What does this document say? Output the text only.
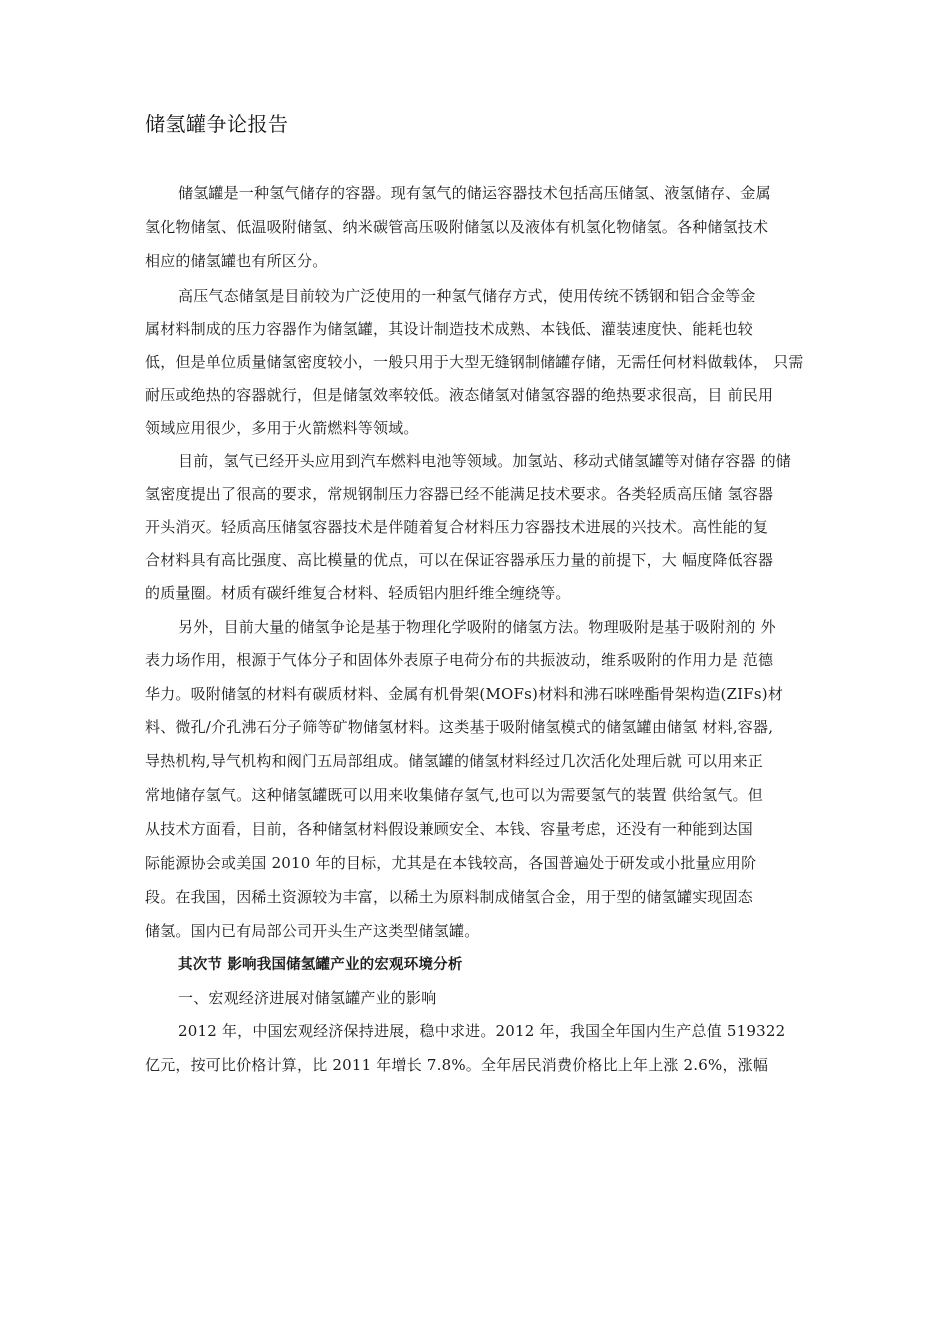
储氢罐争论报告
储氢罐是一种氢气储存的容器。现有氢气的储运容器技术包括高压储氢、液氢储存、金属
氢化物储氢、低温吸附储氢、纳米碳管高压吸附储氢以及液体有机氢化物储氢。各种储氢技术
相应的储氢罐也有所区分。
高压气态储氢是目前较为广泛使用的一种氢气储存方式，使用传统不锈钢和铝合金等金
属材料制成的压力容器作为储氢罐，其设计制造技术成熟、本钱低、灌装速度快、能耗也较
低，但是单位质量储氢密度较小，一般只用于大型无缝钢制储罐存储，无需任何材料做载体， 只需
耐压或绝热的容器就行，但是储氢效率较低。液态储氢对储氢容器的绝热要求很高，目 前民用
领域应用很少，多用于火箭燃料等领域。
目前，氢气已经开头应用到汽车燃料电池等领域。加氢站、移动式储氢罐等对储存容器 的储
氢密度提出了很高的要求，常规钢制压力容器已经不能满足技术要求。各类轻质高压储 氢容器
开头消灭。轻质高压储氢容器技术是伴随着复合材料压力容器技术进展的兴技术。高性能的复
合材料具有高比强度、高比模量的优点，可以在保证容器承压力量的前提下，大 幅度降低容器
的质量圈。材质有碳纤维复合材料、轻质铝内胆纤维全缠绕等。
另外，目前大量的储氢争论是基于物理化学吸附的储氢方法。物理吸附是基于吸附剂的 外
表力场作用，根源于气体分子和固体外表原子电荷分布的共振波动，维系吸附的作用力是 范德
华力。吸附储氢的材料有碳质材料、金属有机骨架(MOFs)材料和沸石咪唑酯骨架构造(ZIFs)材
料、微孔/介孔沸石分子筛等矿物储氢材料。这类基于吸附储氢模式的储氢罐由储氢 材料,容器,
导热机构,导气机构和阀门五局部组成。储氢罐的储氢材料经过几次活化处理后就 可以用来正
常地储存氢气。这种储氢罐既可以用来收集储存氢气,也可以为需要氢气的装置 供给氢气。但
从技术方面看，目前，各种储氢材料假设兼顾安全、本钱、容量考虑，还没有一种能到达国
际能源协会或美国 2010 年的目标，尤其是在本钱较高，各国普遍处于研发或小批量应用阶
段。在我国，因稀土资源较为丰富，以稀土为原料制成储氢合金，用于型的储氢罐实现固态
储氢。国内已有局部公司开头生产这类型储氢罐。
其次节 影响我国储氢罐产业的宏观环境分析
一、宏观经济进展对储氢罐产业的影响
2012 年，中国宏观经济保持进展，稳中求进。2012 年，我国全年国内生产总值 519322
亿元，按可比价格计算，比 2011 年增长 7.8%。全年居民消费价格比上年上涨 2.6%，涨幅
